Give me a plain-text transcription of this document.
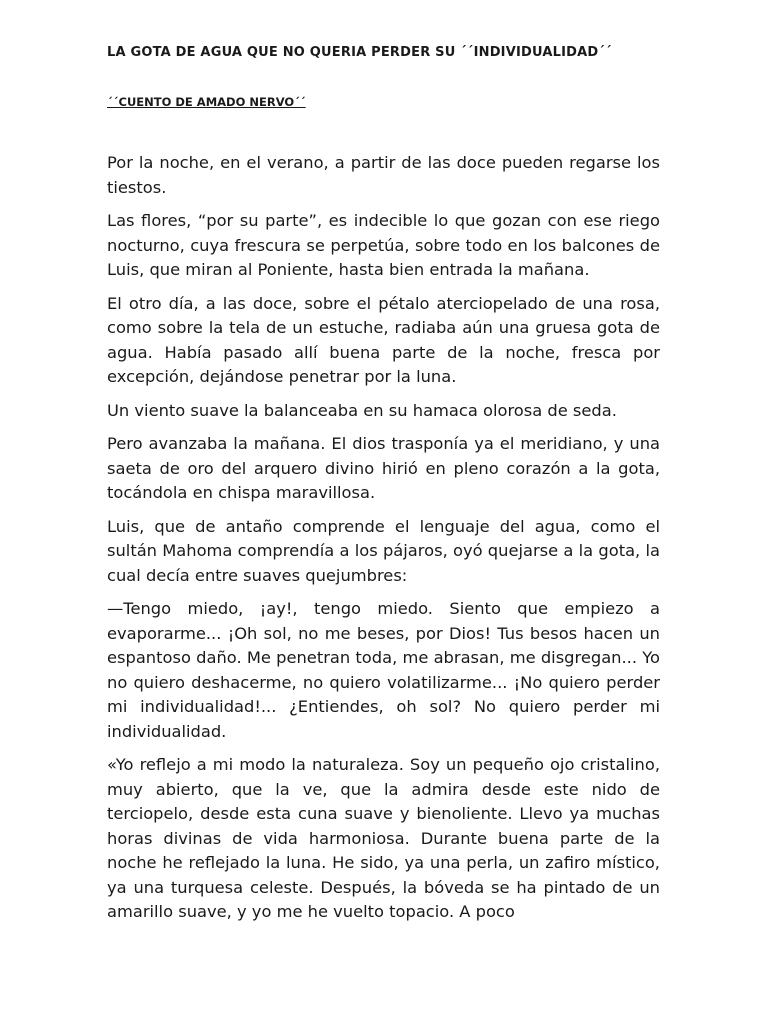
LA GOTA DE AGUA QUE NO QUERIA PERDER SU ´´INDIVIDUALIDAD´´
´´CUENTO DE AMADO NERVO´´

Por la noche, en el verano, a partir de las doce pueden regarse los tiestos.

Las flores, “por su parte”, es indecible lo que gozan con ese riego nocturno, cuya frescura se perpetúa, sobre todo en los balcones de Luis, que miran al Poniente, hasta bien entrada la mañana.

El otro día, a las doce, sobre el pétalo aterciopelado de una rosa, como sobre la tela de un estuche, radiaba aún una gruesa gota de agua. Había pasado allí buena parte de la noche, fresca por excepción, dejándose penetrar por la luna.

Un viento suave la balanceaba en su hamaca olorosa de seda.

Pero avanzaba la mañana. El dios trasponía ya el meridiano, y una saeta de oro del arquero divino hirió en pleno corazón a la gota, tocándola en chispa maravillosa.

Luis, que de antaño comprende el lenguaje del agua, como el sultán Mahoma comprendía a los pájaros, oyó quejarse a la gota, la cual decía entre suaves quejumbres:

—Tengo miedo, ¡ay!, tengo miedo. Siento que empiezo a evaporarme... ¡Oh sol, no me beses, por Dios! Tus besos hacen un espantoso daño. Me penetran toda, me abrasan, me disgregan... Yo no quiero deshacerme, no quiero volatilizarme... ¡No quiero perder mi individualidad!... ¿Entiendes, oh sol? No quiero perder mi individualidad.

«Yo reflejo a mi modo la naturaleza. Soy un pequeño ojo cristalino, muy abierto, que la ve, que la admira desde este nido de terciopelo, desde esta cuna suave y bienoliente. Llevo ya muchas horas divinas de vida harmoniosa. Durante buena parte de la noche he reflejado la luna. He sido, ya una perla, un zafiro místico, ya una turquesa celeste. Después, la bóveda se ha pintado de un amarillo suave, y yo me he vuelto topacio. A poco
